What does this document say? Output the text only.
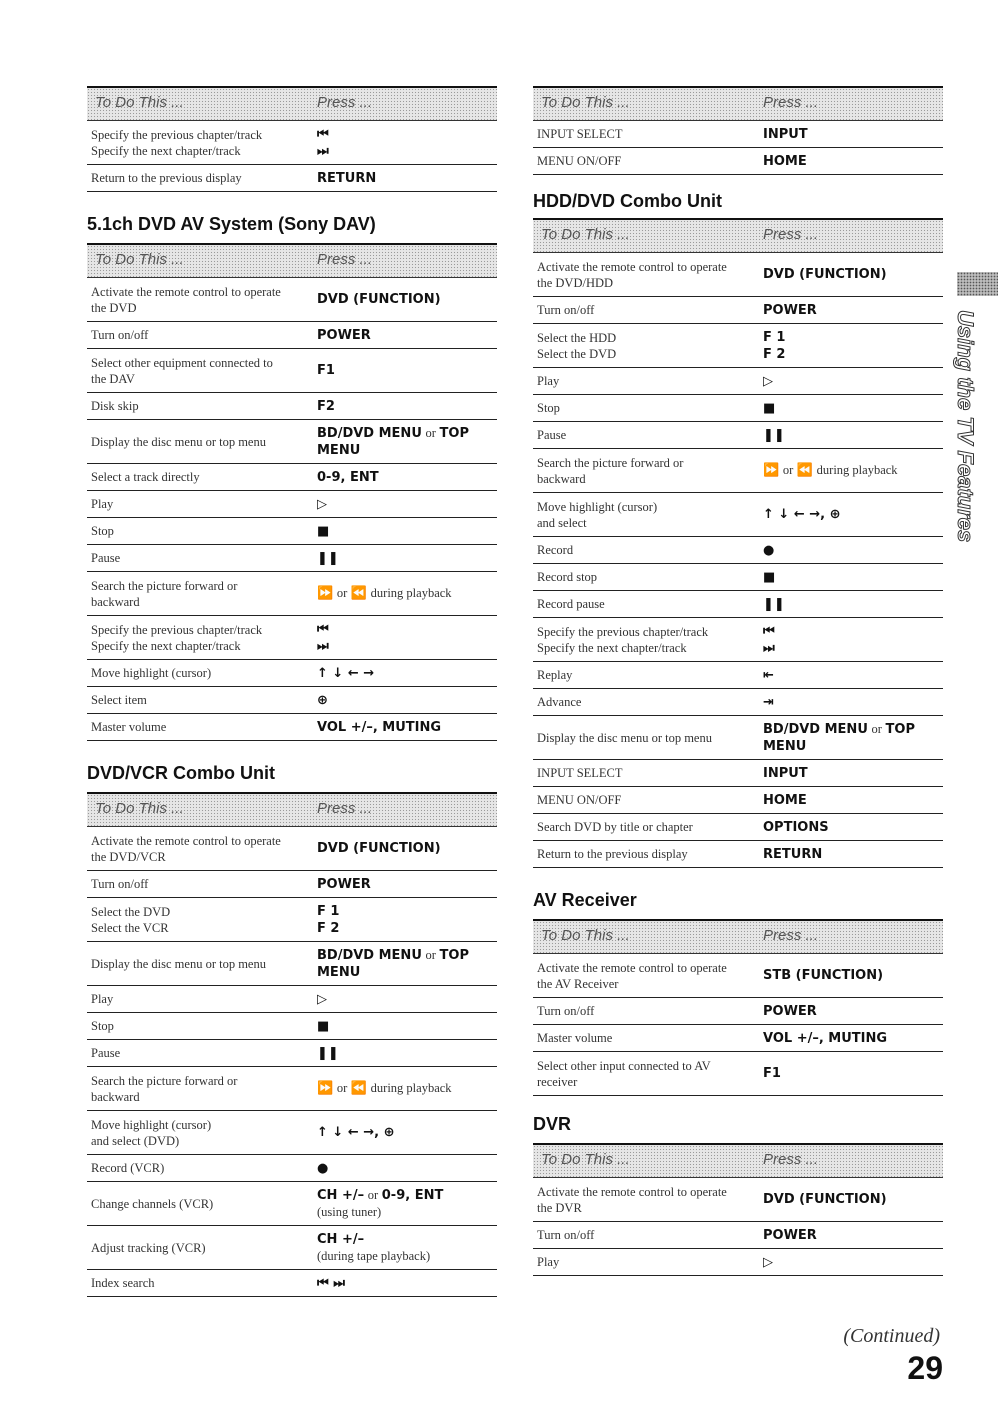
To Do This ...	Press ...
Specify the previous chapter/track
Specify the next chapter/track
⏮
⏭
Return to the previous display	RETURN
5.1ch DVD AV System (Sony DAV)
To Do This ...	Press ...
Activate the remote control to operate
the DVD
DVD (FUNCTION)
Turn on/off	POWER
Select other equipment connected to
the DAV
F1
Disk skip	F2
Display the disc menu or top menu
BD/DVD MENU or TOP
MENU
Select a track directly	0-9, ENT
Play	▷
Stop	■
Pause	❚❚
Search the picture forward or
backward
⏩ or ⏪ during playback
Specify the previous chapter/track
Specify the next chapter/track
⏮
⏭
Move highlight (cursor)	↑ ↓ ← →
Select item	⊕
Master volume	VOL +/–, MUTING
DVD/VCR Combo Unit
To Do This ...	Press ...
Activate the remote control to operate
the DVD/VCR
DVD (FUNCTION)
Turn on/off	POWER
Select the DVD
Select the VCR
F 1
F 2
Display the disc menu or top menu
BD/DVD MENU or TOP
MENU
Play	▷
Stop	■
Pause	❚❚
Search the picture forward or
backward
⏩ or ⏪ during playback
Move highlight (cursor)
and select (DVD)
↑ ↓ ← →, ⊕
Record (VCR)	●
Change channels (VCR)
CH +/– or 0-9, ENT
(using tuner)
Adjust tracking (VCR)
CH +/–
(during tape playback)
Index search	⏮ ⏭
To Do This ...	Press ...
INPUT SELECT	INPUT
MENU ON/OFF	HOME
HDD/DVD Combo Unit
To Do This ...	Press ...
Activate the remote control to operate
the DVD/HDD
DVD (FUNCTION)
Turn on/off	POWER
Select the HDD
Select the DVD
F 1
F 2
Play	▷
Stop	■
Pause	❚❚
Search the picture forward or
backward
⏩ or ⏪ during playback
Move highlight (cursor)
and select
↑ ↓ ← →, ⊕
Record	●
Record stop	■
Record pause	❚❚
Specify the previous chapter/track
Specify the next chapter/track
⏮
⏭
Replay	⇤
Advance	⇥
Display the disc menu or top menu
BD/DVD MENU or TOP
MENU
INPUT SELECT	INPUT
MENU ON/OFF	HOME
Search DVD by title or chapter	OPTIONS
Return to the previous display	RETURN
AV Receiver
To Do This ...	Press ...
Activate the remote control to operate
the AV Receiver
STB (FUNCTION)
Turn on/off	POWER
Master volume	VOL +/–, MUTING
Select other input connected to AV
receiver
F1
DVR
To Do This ...	Press ...
Activate the remote control to operate
the DVR
DVD (FUNCTION)
Turn on/off	POWER
Play	▷
Using the TV Features
(Continued)
29
